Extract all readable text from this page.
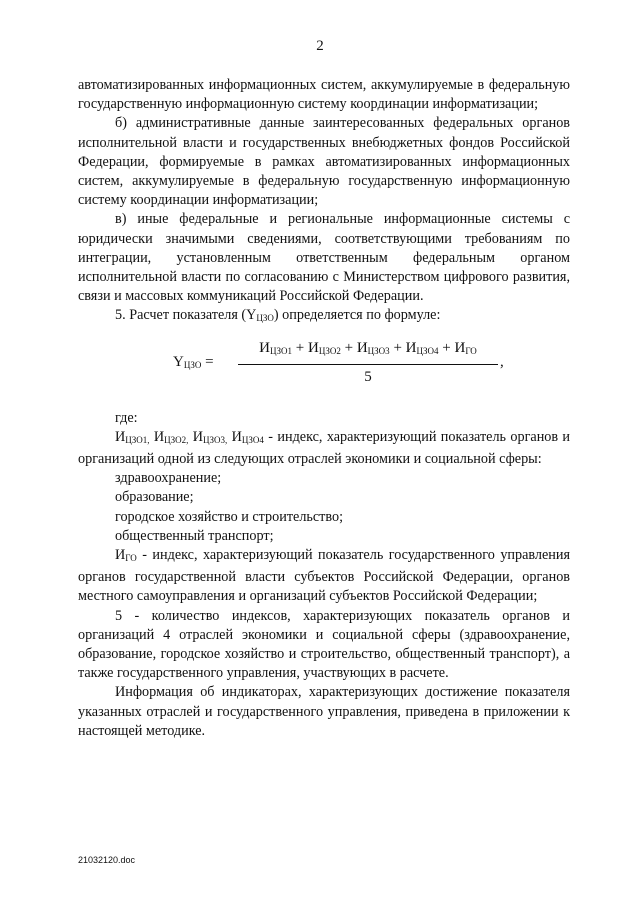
2

автоматизированных информационных систем, аккумулируемые в федеральную государственную информационную систему координации информатизации;

б) административные данные заинтересованных федеральных органов исполнительной власти и государственных внебюджетных фондов Российской Федерации, формируемые в рамках автоматизированных информационных систем, аккумулируемые в федеральную государственную информационную систему координации информатизации;

в) иные федеральные и региональные информационные системы с юридически значимыми сведениями, соответствующими требованиям по интеграции, установленным ответственным федеральным органом исполнительной власти по согласованию с Министерством цифрового развития, связи и массовых коммуникаций Российской Федерации.

5. Расчет показателя $(Y_{ЦЗО})$ определяется по формуле:

$Y_{ЦЗО}$ =
$И_{ЦЗО1} + И_{ЦЗО2} + И_{ЦЗО3} + И_{ЦЗО4} + И_{ГО}$
5
,

где:

$И_{ЦЗО1,}$ $И_{ЦЗО2,}$ $И_{ЦЗО3,}$ $И_{ЦЗО4}$ - индекс, характеризующий показатель органов и организаций одной из следующих отраслей экономики и социальной сферы:

здравоохранение;

образование;

городское хозяйство и строительство;

общественный транспорт;

$И_{ГО}$ - индекс, характеризующий показатель государственного управления органов государственной власти субъектов Российской Федерации, органов местного самоуправления и организаций субъектов Российской Федерации;

5 - количество индексов, характеризующих показатель органов и организаций 4 отраслей экономики и социальной сферы (здравоохранение, образование, городское хозяйство и строительство, общественный транспорт), а также государственного управления, участвующих в расчете.

Информация об индикаторах, характеризующих достижение показателя указанных отраслей и государственного управления, приведена в приложении к настоящей методике.

21032120.doc
